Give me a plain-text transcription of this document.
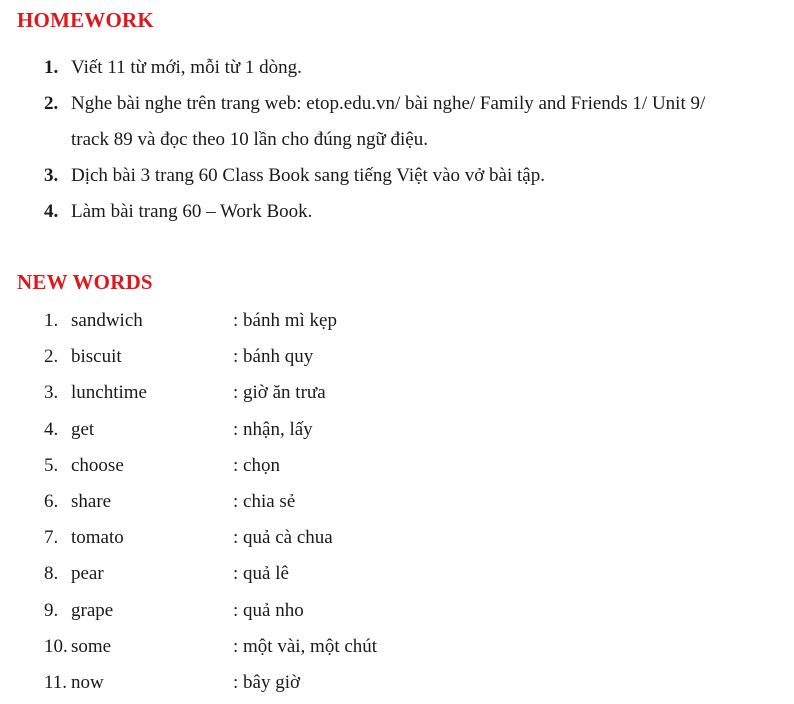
HOMEWORK
1. Viết 11 từ mới, mỗi từ 1 dòng.
2. Nghe bài nghe trên trang web: etop.edu.vn/ bài nghe/ Family and Friends 1/ Unit 9/
track 89 và đọc theo 10 lần cho đúng ngữ điệu.
3. Dịch bài 3 trang 60 Class Book sang tiếng Việt vào vở bài tập.
4. Làm bài trang 60 – Work Book.
NEW WORDS
1. sandwich	: bánh mì kẹp
2. biscuit	: bánh quy
3. lunchtime	: giờ ăn trưa
4. get	: nhận, lấy
5. choose	: chọn
6. share	: chia sẻ
7. tomato	: quả cà chua
8. pear	: quả lê
9. grape	: quả nho
10. some	: một vài, một chút
11. now	: bây giờ
